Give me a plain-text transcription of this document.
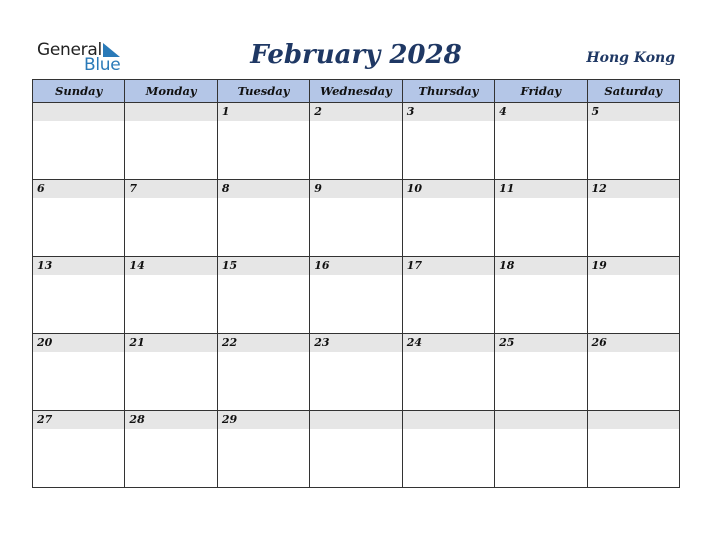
General
Blue	February 2028	Hong Kong
Sunday	Monday	Tuesday	Wednesday	Thursday	Friday	Saturday

		1	2	3	4	5

6	7	8	9	10	11	12

13	14	15	16	17	18	19

20	21	22	23	24	25	26

27	28	29				
